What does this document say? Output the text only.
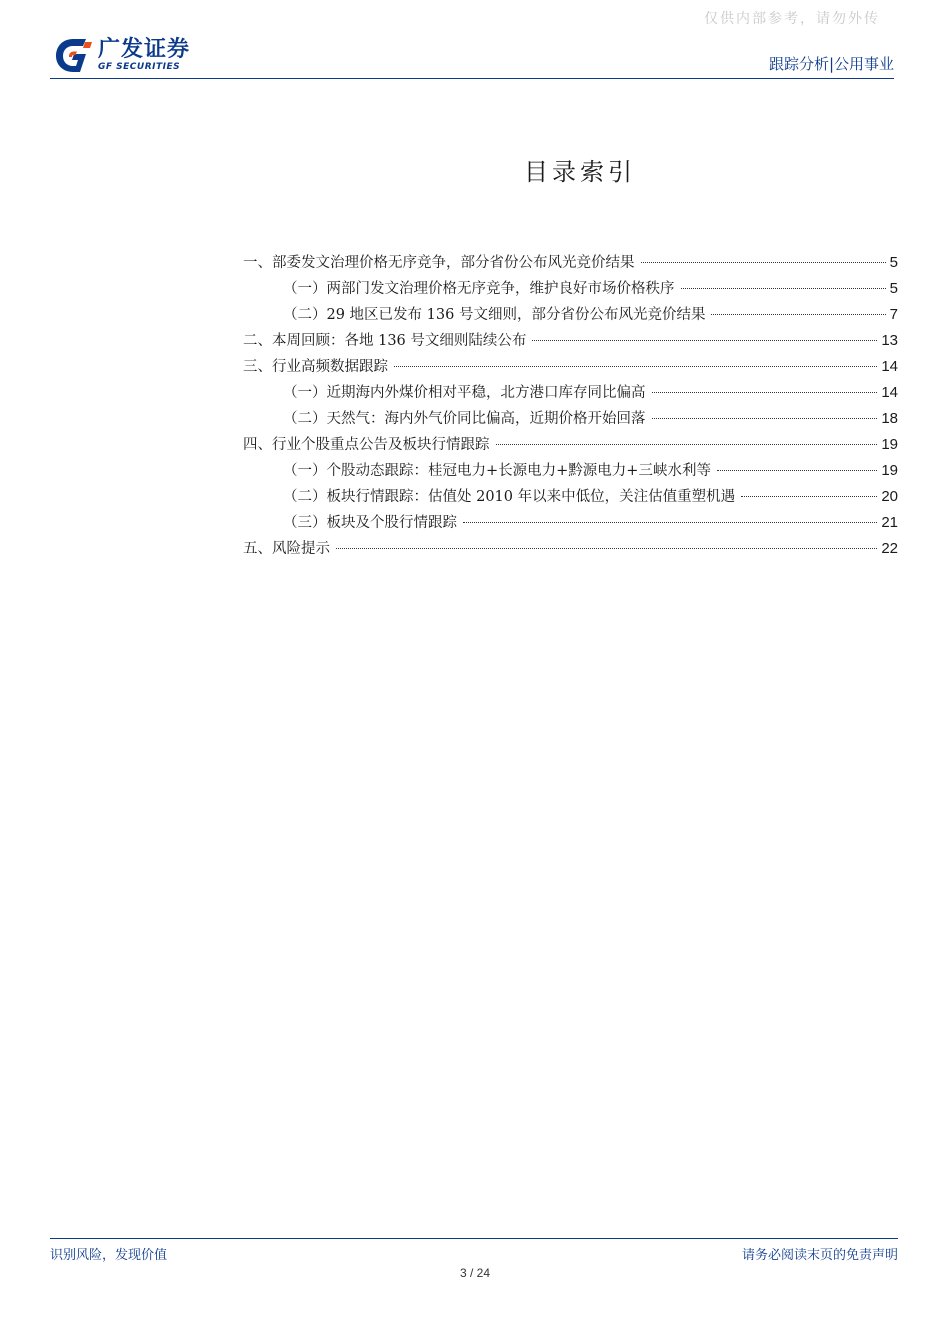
仅供内部参考，请勿外传
广发证券
GF SECURITIES	跟踪分析|公用事业
目录索引
一、部委发文治理价格无序竞争，部分省份公布风光竞价结果	5
（一）两部门发文治理价格无序竞争，维护良好市场价格秩序	5
（二）29 地区已发布 136 号文细则，部分省份公布风光竞价结果	7
二、本周回顾：各地 136 号文细则陆续公布	13
三、行业高频数据跟踪	14
（一）近期海内外煤价相对平稳，北方港口库存同比偏高	14
（二）天然气：海内外气价同比偏高，近期价格开始回落	18
四、行业个股重点公告及板块行情跟踪	19
（一）个股动态跟踪：桂冠电力+长源电力+黔源电力+三峡水利等	19
（二）板块行情跟踪：估值处 2010 年以来中低位，关注估值重塑机遇	20
（三）板块及个股行情跟踪	21
五、风险提示	22
识别风险，发现价值	请务必阅读末页的免责声明
3 / 24
